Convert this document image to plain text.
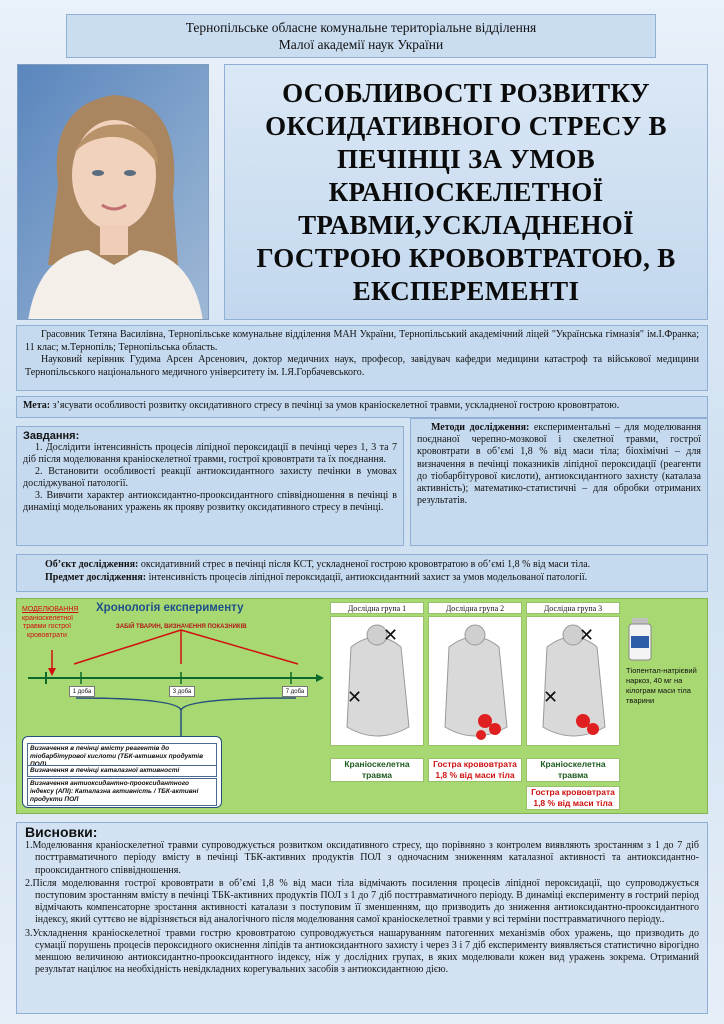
Тернопільське обласне комунальне територіальне відділення
Малої академії наук України
ОСОБЛИВОСТІ РОЗВИТКУ ОКСИДАТИВНОГО СТРЕСУ В ПЕЧІНЦІ ЗА УМОВ КРАНІОСКЕЛЕТНОЇ ТРАВМИ,УСКЛАДНЕНОЇ ГОСТРОЮ КРОВОВТРАТОЮ, В ЕКСПЕРЕМЕНТІ

Грасовник Тетяна Василівна, Тернопільське комунальне відділення МАН України, Тернопільський академічний ліцей "Українська гімназія" ім.І.Франка; 11 клас; м.Тернопіль; Тернопільська область.

Науковий керівник Гудима Арсен Арсенович, доктор медичних наук, професор, завідувач кафедри медицини катастроф та військової медицини Тернопільського національного медичного університету ім. І.Я.Горбачевського.

Мета: з’ясувати особливості розвитку оксидативного стресу в печінці за умов краніоскелетної травми, ускладненої гострою крововтратою.
Завдання:

1. Дослідити інтенсивність процесів ліпідної пероксидації в печінці через 1, 3 та 7 діб після моделювання краніоскелетної травми, гострої крововтрати та їх поєднання.

2. Встановити особливості реакції антиоксидантного захисту печінки в умовах досліджуваної патології.

3. Вивчити характер антиоксидантно-прооксидантного співвідношення в печінці в динаміці модельованих уражень як прояву розвитку оксидативного стресу в печінці.

Методи дослідження: експериментальні – для моделювання поєднаної черепно-мозкової і скелетної травми, гострої крововтрати в об’ємі 1,8 % від маси тіла; біохімічні – для визначення в печінці показників ліпідної пероксидації (реагенти до тіобарбітурової кислоти), антиоксидантного захисту (каталаза активність); математико-статистичні – для обробки отриманих результатів.
Об’єкт дослідження: оксидативний стрес в печінці після КСТ, ускладненої гострою крововтратою в об’ємі 1,8 % від маси тіла.
Предмет дослідження: інтенсивність процесів ліпідної пероксидації, антиоксидантний захист за умов модельованої патології.
МОДЕЛЮВАННЯ
краніоскелетної травми гострої крововтрати
Хронологія експерименту
ЗАБІЙ ТВАРИН, ВИЗНАЧЕННЯ ПОКАЗНИКІВ
1 доба	3 доба	7 доба
Визначення в печінці вмісту реагентів до тіобарбітурової кислоти (ТБК-активних продуктів
Визначення в печінці каталазної активності
Визначення антиоксидантно-прооксидантного індексу (АПІ): Каталазна активність / ТБК-активні продукти ПОЛ
Дослідна група 1	Дослідна група 2	Дослідна група 3
✕
✕
✕
✕
Краніоскелетна травма
Гостра крововтрата 1,8 % від маси тіла
Краніоскелетна травма
Гостра крововтрата 1,8 % від маси тіла
Тіопентал-натрієвий наркоз, 40 мг на кілограм маси тіла тварини
Висновки:

1.Моделювання краніоскелетної травми супроводжується розвитком оксидативного стресу, що порівняно з контролем виявляють зростанням з 1 до 7 діб посттравматичного періоду вмісту в печінці ТБК-активних продуктів ПОЛ з одночасним зниженням каталазної активності та антиоксидантно-прооксидантного співвідношення.

2.Після моделювання гострої крововтрати в об’ємі 1,8 % від маси тіла відмічають посилення процесів ліпідної пероксидації, що супроводжується поступовим зростанням вмісту в печінці ТБК-активних продуктів ПОЛ з 1 до 7 діб посттравматичного періоду. В динаміці експерименту в гострий період відмічають компенсаторне зростання активності каталази з поступовим її зменшенням, що призводить до зниження антиоксидантно-прооксидантного індексу, який суттєво не відрізняється від аналогічного після моделювання самої краніоскелетної травми у всі терміни посттравматичного періоду..

3.Ускладнення краніоскелетної травми гострю крововтратою супроводжується нашаруванням патогенних механізмів обох уражень, що призводить до сумації порушень процесів пероксидного окиснення ліпідів та антиоксидантного захисту і через 3 і 7 діб експерименту виявляється статистично вірогідно меншою величиною антиоксидантно-прооксидантного індексу, ніж у дослідних групах, в яких моделювали кожен вид уражень зокрема. Отриманий результат націлює на необхідність невідкладних корегувальних засобів з антиоксидантною дією.
